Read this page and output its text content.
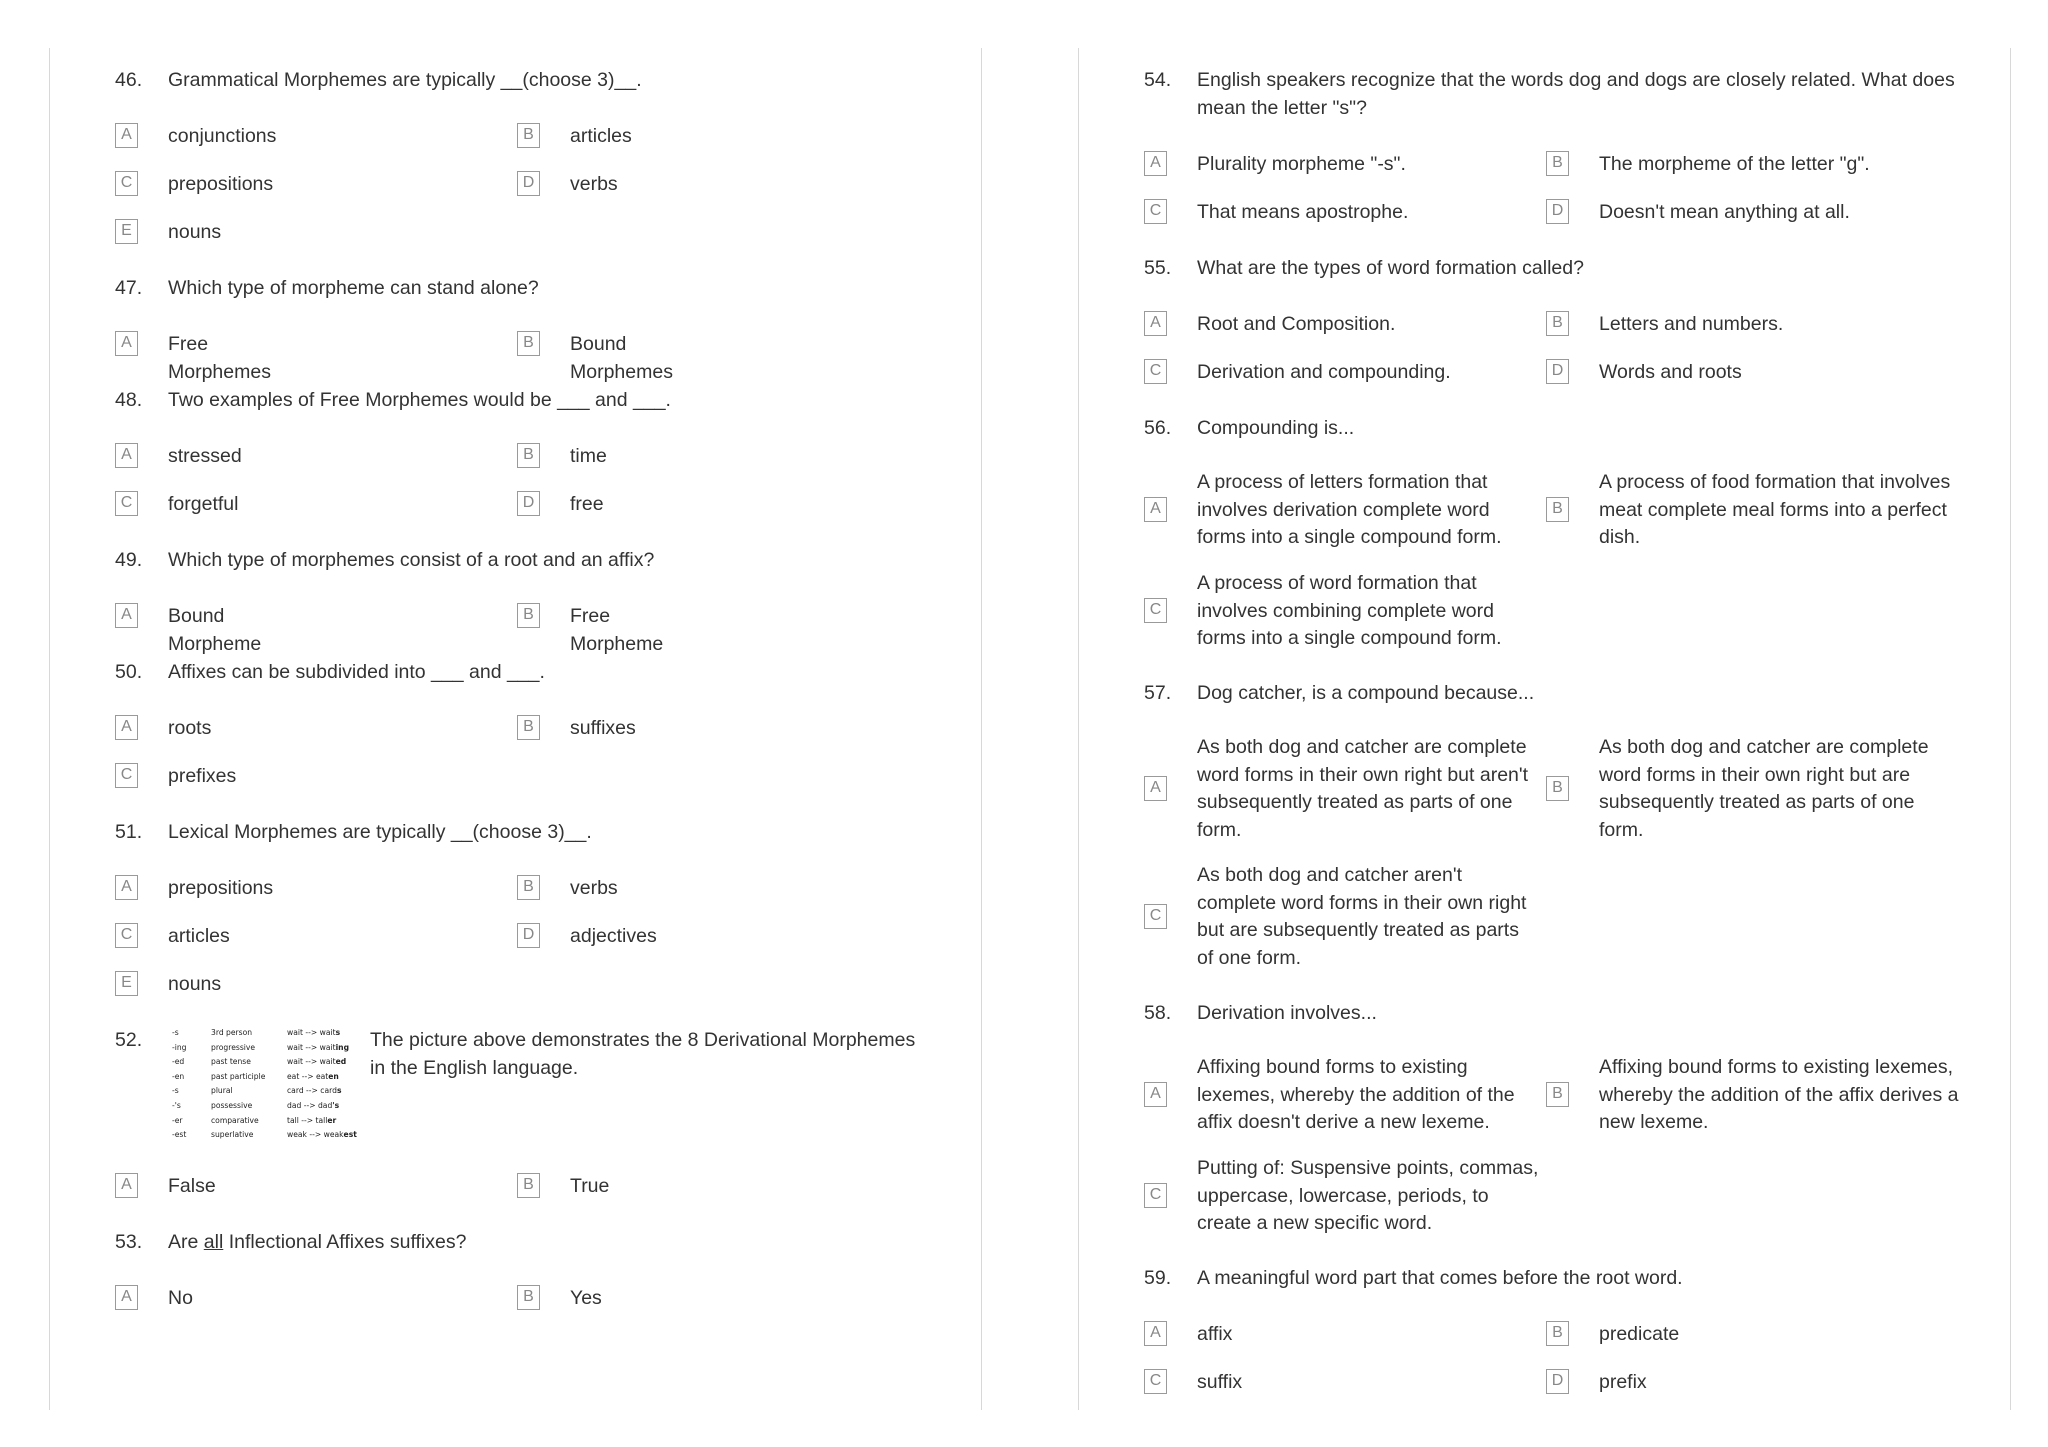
46.	Grammatical Morphemes are typically __(choose 3)__.
A	conjunctions	B	articles
C prepositions	D verbs
E	nouns
47.	Which type of morpheme can stand alone?
A	Free Morphemes
B	Bound Morphemes
48.	Two examples of Free Morphemes would be ___ and ___.
A	stressed	B	time
C forgetful	D free
49.	Which type of morphemes consist of a root and an affix?
A	Bound Morpheme
B	Free Morpheme
50.	Affixes can be subdivided into ___ and ___.
A	roots	B	suffixes
C prefixes
51.	Lexical Morphemes are typically __(choose 3)__.
A	prepositions	B	verbs
C articles	D adjectives
E	nouns
52.	-s	3rd person	wait --> waits
-ing	progressive	wait --> waiting
-ed	past tense	wait --> waited
-en	past participle	eat --> eaten
-s	plural	card --> cards
-'s	possessive	dad --> dad's
-er	comparative	tall --> taller
-est	superlative	weak --> weakest
The picture above demonstrates the 8 Derivational Morphemes in the English language.
A	False	B	True
53.	Are all Inflectional Affixes suffixes?
A	No	B	Yes
54.	English speakers recognize that the words dog and dogs are closely related. What does mean the letter "s"?
A	Plurality morpheme "-s".	B	The morpheme of the letter "g".
C That means apostrophe.	D Doesn't mean anything at all.
55.	What are the types of word formation called?
A	Root and Composition.	B	Letters and numbers.
C Derivation and compounding.	D Words and roots
56.	Compounding is...
A
A process of letters formation that involves derivation complete word forms into a single compound form.
B
A process of food formation that involves meat complete meal forms into a perfect dish.
C
A process of word formation that involves combining complete word forms into a single compound form.
57.	Dog catcher, is a compound because...
A
As both dog and catcher are complete word forms in their own right but aren't subsequently treated as parts of one form.
B
As both dog and catcher are complete word forms in their own right but are subsequently treated as parts of one form.
C
As both dog and catcher aren't complete word forms in their own right but are subsequently treated as parts of one form.
58.	Derivation involves...
A
Affixing bound forms to existing lexemes, whereby the addition of the affix doesn't derive a new lexeme.
B
Affixing bound forms to existing lexemes, whereby the addition of the affix derives a new lexeme.
C
Putting of: Suspensive points, commas, uppercase, lowercase, periods, to create a new specific word.
59.	A meaningful word part that comes before the root word.
A	affix	B	predicate
C suffix	D prefix
